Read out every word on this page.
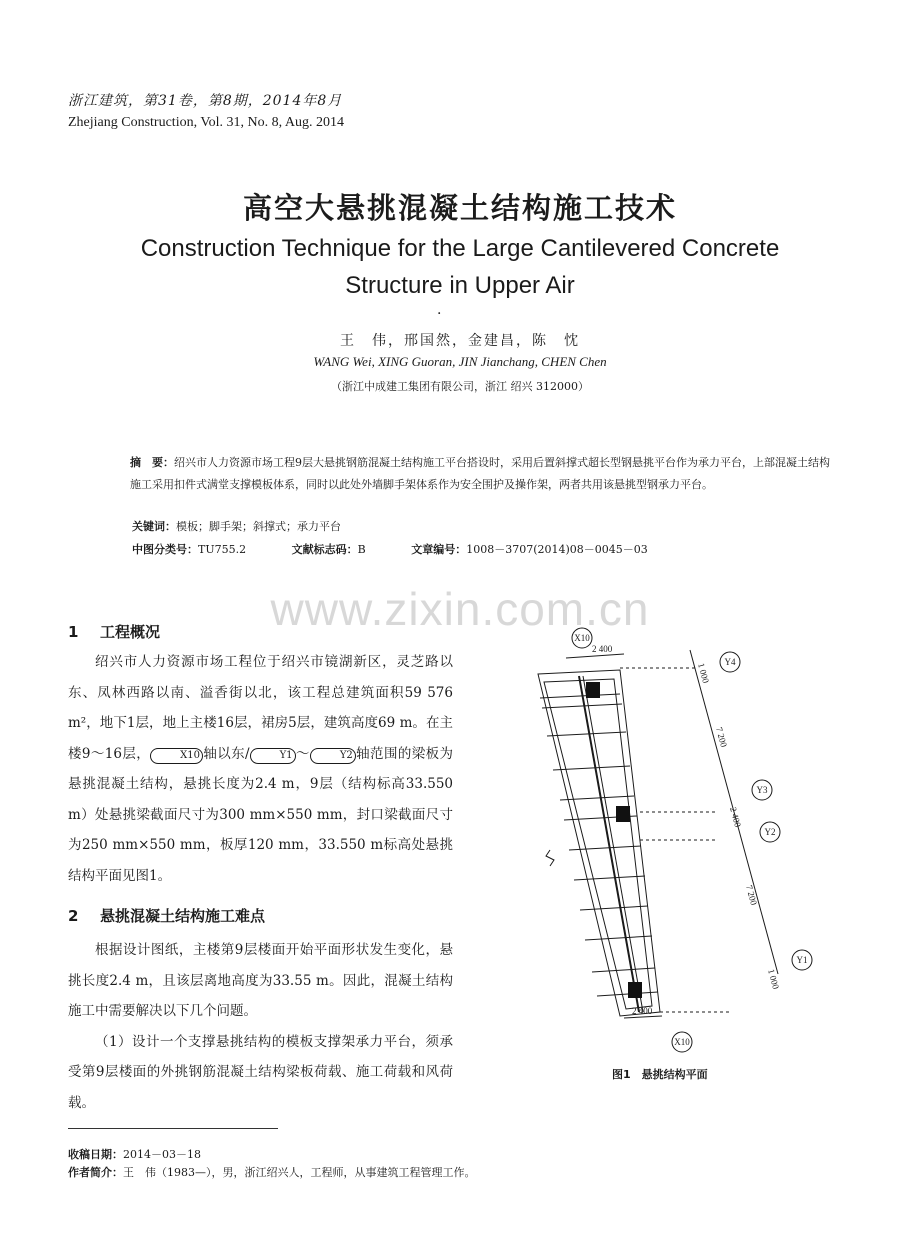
浙江建筑，第31卷，第8期，2014年8月
Zhejiang Construction, Vol. 31, No. 8, Aug. 2014
高空大悬挑混凝土结构施工技术
Construction Technique for the Large Cantilevered Concrete Structure in Upper Air
·
王　伟，邢国然，金建昌，陈　忱
WANG Wei, XING Guoran, JIN Jianchang, CHEN Chen
（浙江中成建工集团有限公司，浙江 绍兴 312000）
摘　要：绍兴市人力资源市场工程9层大悬挑钢筋混凝土结构施工平台搭设时，采用后置斜撑式超长型钢悬挑平台作为承力平台，上部混凝土结构施工采用扣件式满堂支撑模板体系，同时以此处外墙脚手架体系作为安全围护及操作架，两者共用该悬挑型钢承力平台。
关键词：模板；脚手架；斜撑式；承力平台
中图分类号：TU755.2	文献标志码：B	文章编号：1008－3707(2014)08－0045－03
www.zixin.com.cn
1 工程概况

绍兴市人力资源市场工程位于绍兴市镜湖新区，灵芝路以东、凤林西路以南、溢香街以北，该工程总建筑面积59 576 m²，地下1层，地上主楼16层，裙房5层，建筑高度69 m。在主楼9～16层，	X10 轴以东/	Y1 ～	Y2 轴范围的梁板为悬挑混凝土结构，悬挑长度为2.4 m，9层（结构标高33.550 m）处悬挑梁截面尺寸为300 mm×550 mm，封口梁截面尺寸为250 mm×550 mm，板厚120 mm，33.550 m标高处悬挑结构平面见图1。

2 悬挑混凝土结构施工难点

根据设计图纸，主楼第9层楼面开始平面形状发生变化，悬挑长度2.4 m，且该层离地高度为33.55 m。因此，混凝土结构施工中需要解决以下几个问题。

（1）设计一个支撑悬挑结构的模板支撑架承力平台，须承受第9层楼面的外挑钢筋混凝土结构梁板荷载、施工荷载和风荷载。

X10
Y4
Y3
Y2
Y1
X10
2 400
2 400
1 000
7 200
2 400
7 200
1 000
图1　悬挑结构平面
收稿日期：2014－03－18
作者简介：王　伟（1983—），男，浙江绍兴人，工程师，从事建筑工程管理工作。
